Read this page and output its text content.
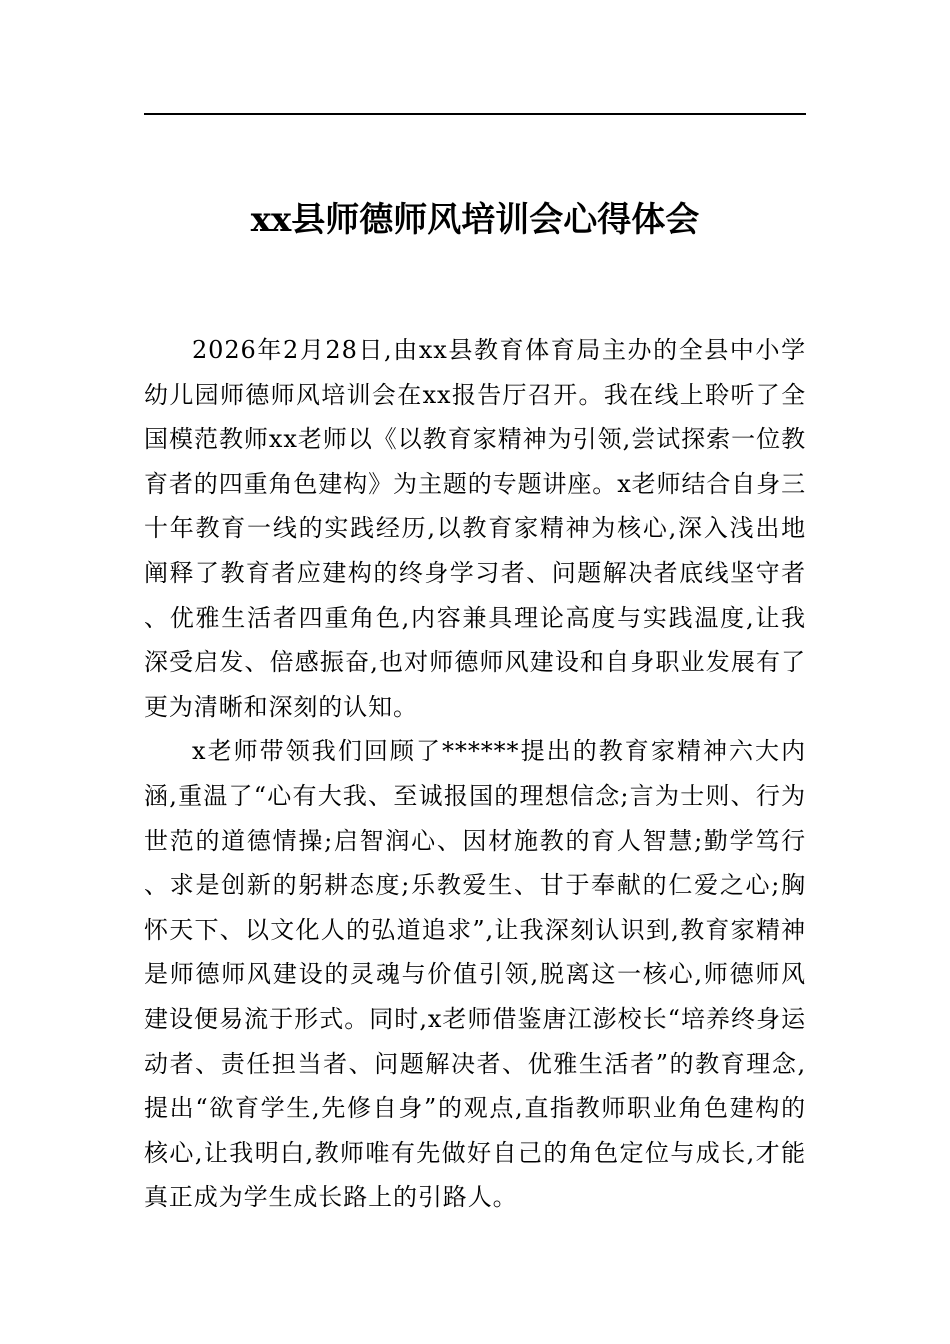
xx县师德师风培训会心得体会

2026年2月28日,由xx县教育体育局主办的全县中小学幼儿园师德师风培训会在xx报告厅召开。我在线上聆听了全国模范教师xx老师以《以教育家精神为引领,尝试探索一位教育者的四重角色建构》为主题的专题讲座。x老师结合自身三十年教育一线的实践经历,以教育家精神为核心,深入浅出地阐释了教育者应建构的终身学习者、问题解决者底线坚守者、优雅生活者四重角色,内容兼具理论高度与实践温度,让我深受启发、倍感振奋,也对师德师风建设和自身职业发展有了更为清晰和深刻的认知。

x老师带领我们回顾了******提出的教育家精神六大内涵,重温了“心有大我、至诚报国的理想信念;言为士则、行为世范的道德情操;启智润心、因材施教的育人智慧;勤学笃行、求是创新的躬耕态度;乐教爱生、甘于奉献的仁爱之心;胸怀天下、以文化人的弘道追求”,让我深刻认识到,教育家精神是师德师风建设的灵魂与价值引领,脱离这一核心,师德师风建设便易流于形式。同时,x老师借鉴唐江澎校长“培养终身运动者、责任担当者、问题解决者、优雅生活者”的教育理念,提出“欲育学生,先修自身”的观点,直指教师职业角色建构的核心,让我明白,教师唯有先做好自己的角色定位与成长,才能真正成为学生成长路上的引路人。
